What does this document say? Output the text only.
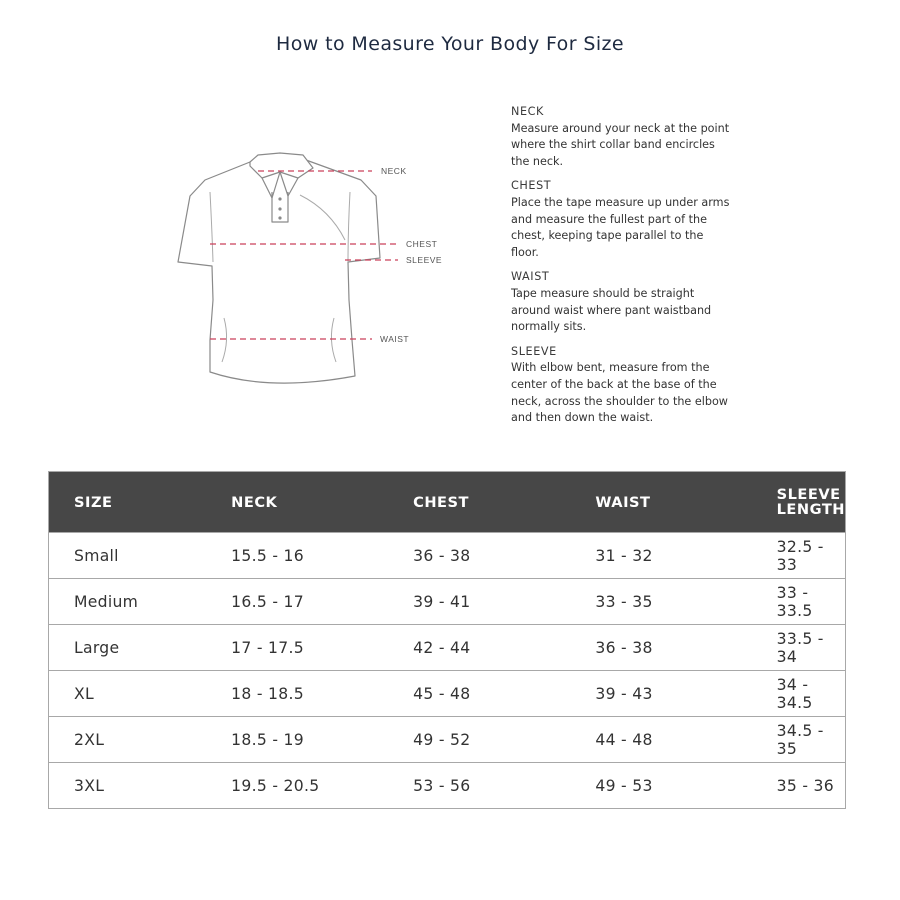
How to Measure Your Body For Size
NECK
CHEST
SLEEVE
WAIST
NECK
Measure around your neck at the point where the shirt collar band encircles the neck.
CHEST
Place the tape measure up under arms and measure the fullest part of the chest, keeping tape parallel to the floor.
WAIST
Tape measure should be straight around waist where pant waistband normally sits.
SLEEVE
With elbow bent, measure from the center of the back at the base of the neck, across the shoulder to the elbow and then down the waist.
SIZE	NECK	CHEST	WAIST	SLEEVE
LENGTH
Small	15.5 - 16	36 - 38	31 - 32	32.5 - 33
Medium	16.5 - 17	39 - 41	33 - 35	33 - 33.5
Large	17 - 17.5	42 - 44	36 - 38	33.5 - 34
XL	18 - 18.5	45 - 48	39 - 43	34 - 34.5
2XL	18.5 - 19	49 - 52	44 - 48	34.5 - 35
3XL	19.5 - 20.5	53 - 56	49 - 53	35 - 36
